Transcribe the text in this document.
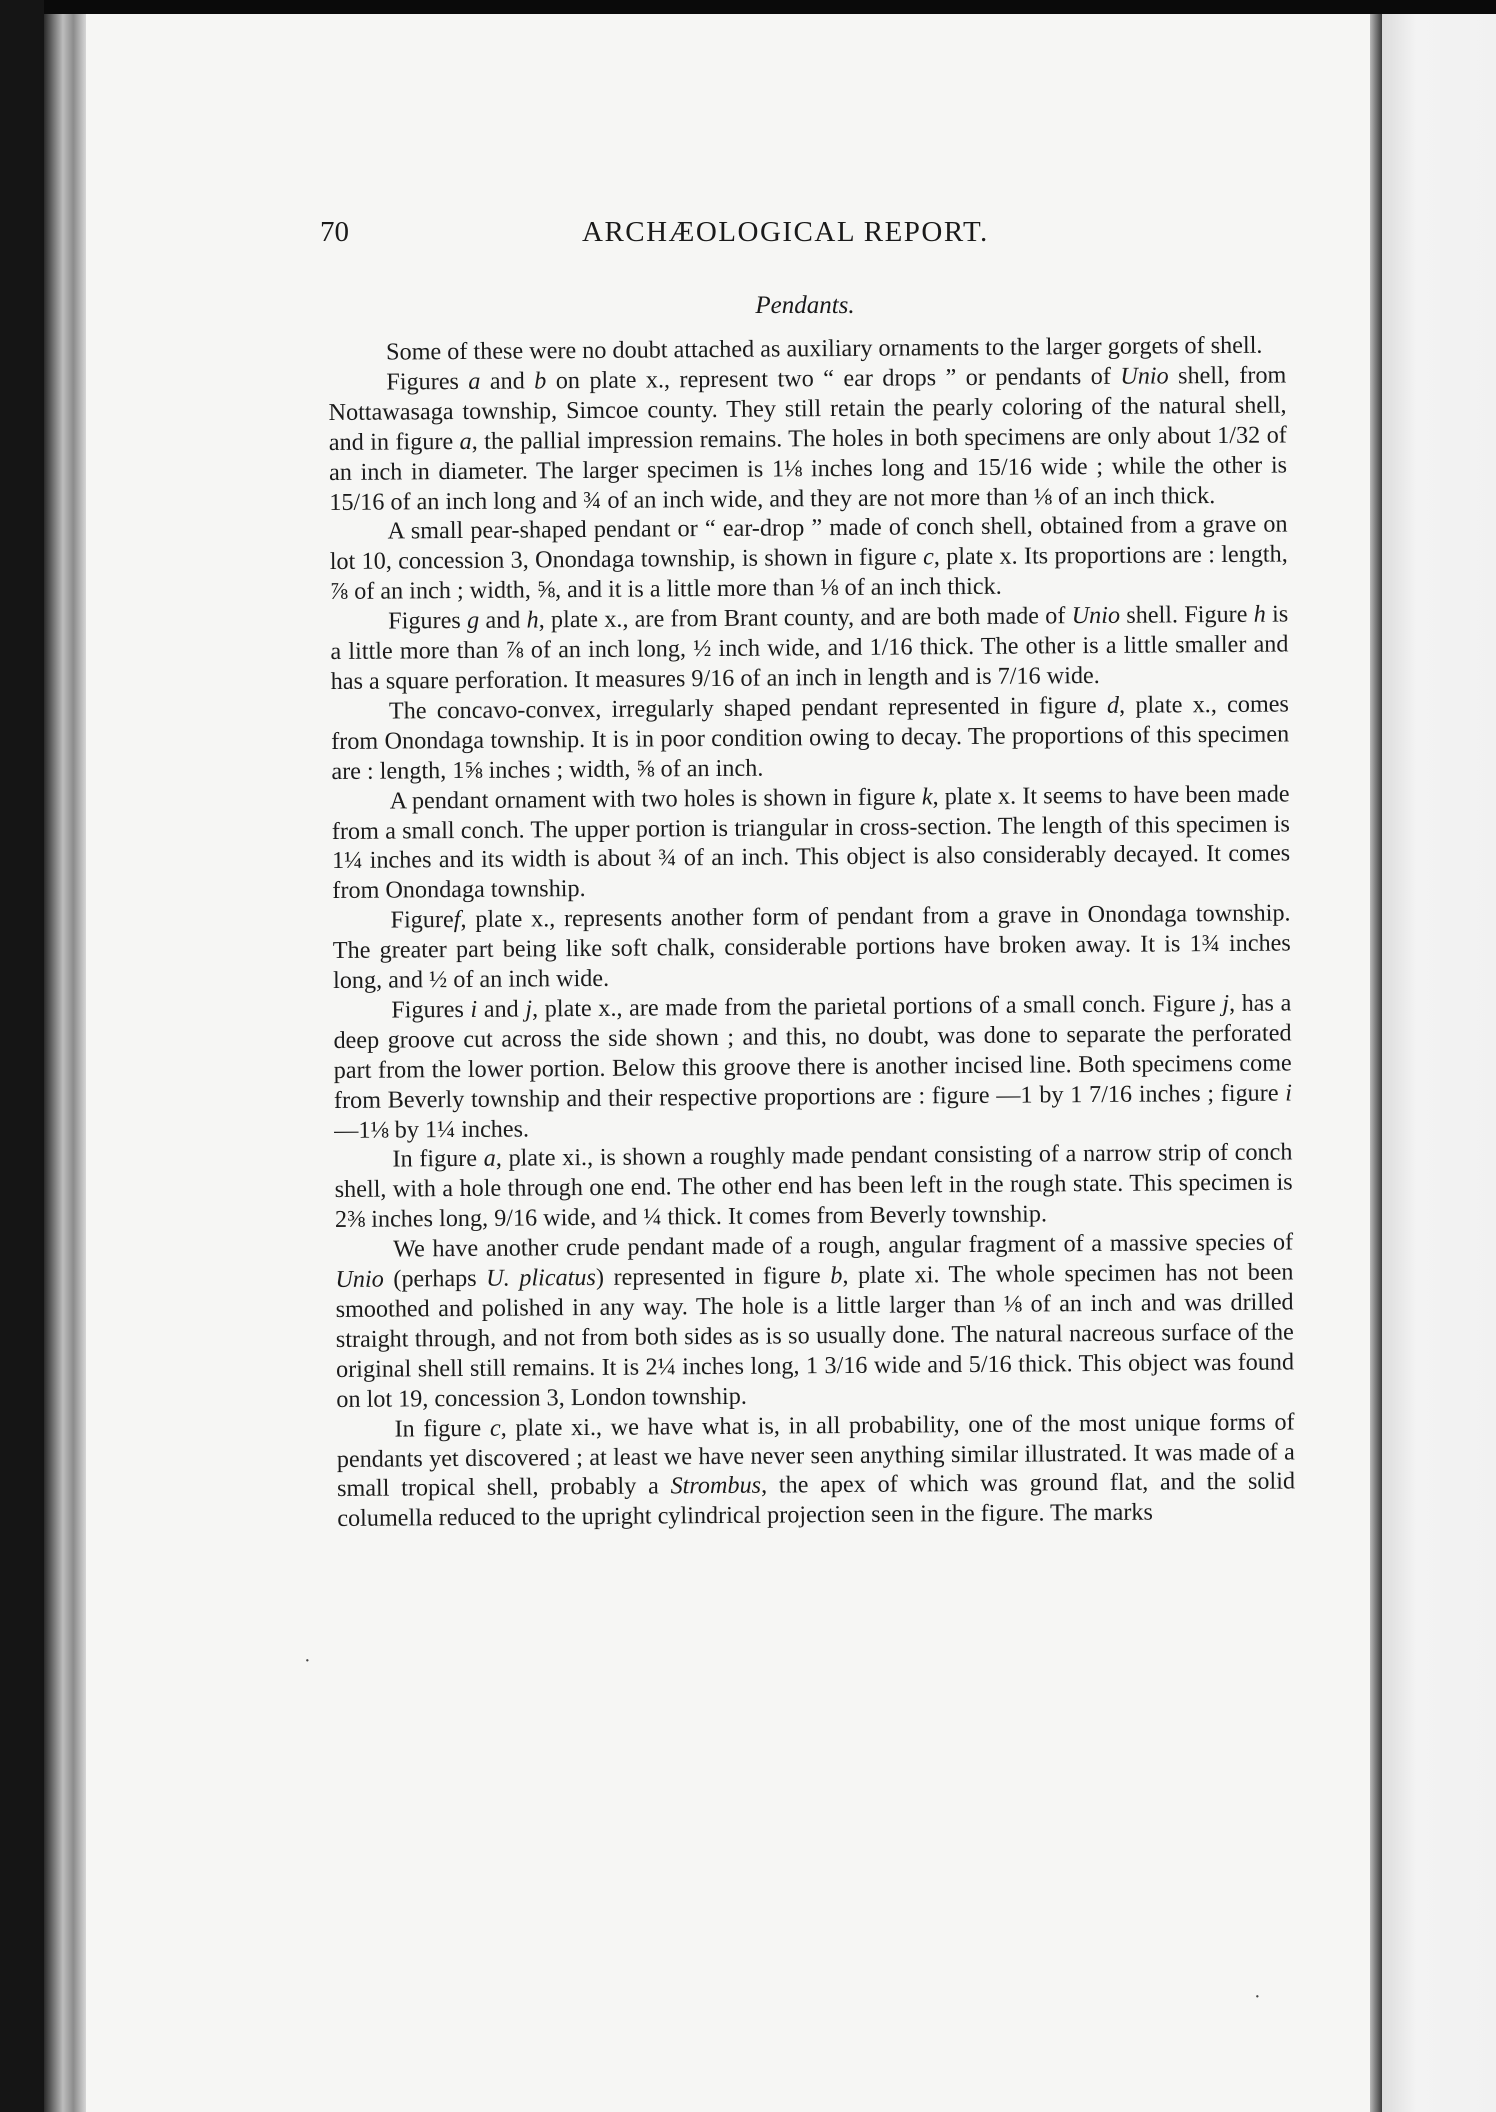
70	ARCHÆOLOGICAL REPORT.
Pendants.

Some of these were no doubt attached as auxiliary ornaments to the larger gorgets of shell.

Figures a and b on plate x., represent two “ ear drops ” or pendants of Unio shell, from Nottawasaga township, Simcoe county. They still retain the pearly coloring of the natural shell, and in figure a, the pallial impression remains. The holes in both specimens are only about 1/32 of an inch in diameter. The larger specimen is 1⅛ inches long and 15/16 wide ; while the other is 15/16 of an inch long and ¾ of an inch wide, and they are not more than ⅛ of an inch thick.

A small pear-shaped pendant or “ ear-drop ” made of conch shell, obtained from a grave on lot 10, concession 3, Onondaga township, is shown in figure c, plate x. Its proportions are : length, ⅞ of an inch ; width, ⅝, and it is a little more than ⅛ of an inch thick.

Figures g and h, plate x., are from Brant county, and are both made of Unio shell. Figure h is a little more than ⅞ of an inch long, ½ inch wide, and 1/16 thick. The other is a little smaller and has a square perforation. It measures 9/16 of an inch in length and is 7/16 wide.

The concavo-convex, irregularly shaped pendant represented in figure d, plate x., comes from Onondaga township. It is in poor condition owing to decay. The proportions of this specimen are : length, 1⅝ inches ; width, ⅝ of an inch.

A pendant ornament with two holes is shown in figure k, plate x. It seems to have been made from a small conch. The upper portion is triangular in cross-section. The length of this specimen is 1¼ inches and its width is about ¾ of an inch. This object is also considerably decayed. It comes from Onondaga township.

Figuref, plate x., represents another form of pendant from a grave in Onondaga township. The greater part being like soft chalk, considerable portions have broken away. It is 1¾ inches long, and ½ of an inch wide.

Figures i and j, plate x., are made from the parietal portions of a small conch. Figure j, has a deep groove cut across the side shown ; and this, no doubt, was done to separate the perforated part from the lower portion. Below this groove there is another incised line. Both specimens come from Beverly township and their respective proportions are : figure —1 by 1 7/16 inches ; figure i—1⅛ by 1¼ inches.

In figure a, plate xi., is shown a roughly made pendant consisting of a narrow strip of conch shell, with a hole through one end. The other end has been left in the rough state. This specimen is 2⅜ inches long, 9/16 wide, and ¼ thick. It comes from Beverly township.

We have another crude pendant made of a rough, angular fragment of a massive species of Unio (perhaps U. plicatus) represented in figure b, plate xi. The whole specimen has not been smoothed and polished in any way. The hole is a little larger than ⅛ of an inch and was drilled straight through, and not from both sides as is so usually done. The natural nacreous surface of the original shell still remains. It is 2¼ inches long, 1 3/16 wide and 5/16 thick. This object was found on lot 19, concession 3, London township.

In figure c, plate xi., we have what is, in all probability, one of the most unique forms of pendants yet discovered ; at least we have never seen anything similar illustrated. It was made of a small tropical shell, probably a Strombus, the apex of which was ground flat, and the solid columella reduced to the upright cylindrical projection seen in the figure. The marks

·
·
